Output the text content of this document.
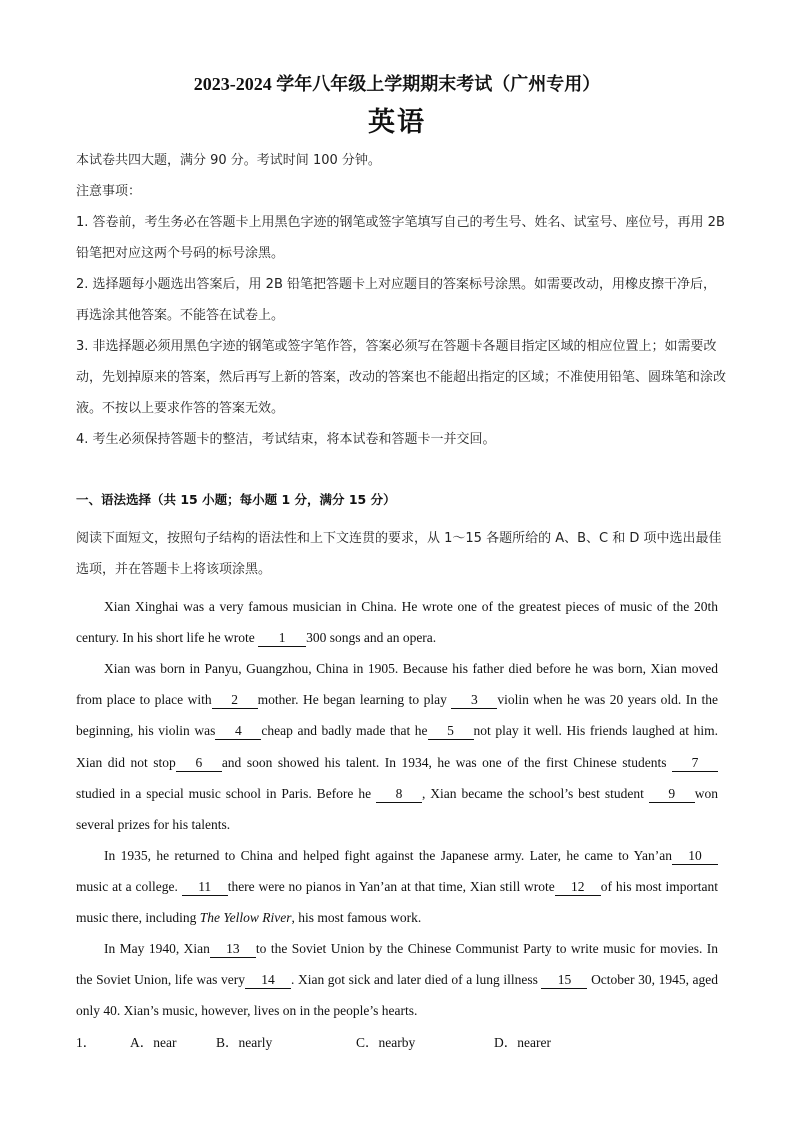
2023-2024 学年八年级上学期期末考试（广州专用）
英语
本试卷共四大题，满分 90 分。考试时间 100 分钟。
注意事项：
1. 答卷前，考生务必在答题卡上用黑色字迹的钢笔或签字笔填写自己的考生号、姓名、试室号、座位号，再用 2B 铅笔把对应这两个号码的标号涂黑。
2. 选择题每小题选出答案后，用 2B 铅笔把答题卡上对应题目的答案标号涂黑。如需要改动，用橡皮擦干净后，再选涂其他答案。不能答在试卷上。
3. 非选择题必须用黑色字迹的钢笔或签字笔作答，答案必须写在答题卡各题目指定区域的相应位置上；如需要改动，先划掉原来的答案，然后再写上新的答案，改动的答案也不能超出指定的区域；不准使用铅笔、圆珠笔和涂改液。不按以上要求作答的答案无效。
4. 考生必须保持答题卡的整洁，考试结束，将本试卷和答题卡一并交回。
一、语法选择（共 15 小题；每小题 1 分，满分 15 分）
阅读下面短文，按照句子结构的语法性和上下文连贯的要求，从 1～15 各题所给的 A、B、C 和 D 项中选出最佳选项，并在答题卡上将该项涂黑。
Xian Xinghai was a very famous musician in China. He wrote one of the greatest pieces of music of the 20th century. In his short life he wrote 1 300 songs and an opera.
Xian was born in Panyu, Guangzhou, China in 1905. Because his father died before he was born, Xian moved from place to place with 2 mother. He began learning to play 3 violin when he was 20 years old. In the beginning, his violin was 4 cheap and badly made that he 5 not play it well. His friends laughed at him. Xian did not stop 6 and soon showed his talent. In 1934, he was one of the first Chinese students 7studied in a special music school in Paris. Before he 8 , Xian became the school’s best student 9 won several prizes for his talents.
In 1935, he returned to China and helped fight against the Japanese army. Later, he came to Yan’an 10 music at a college. 11 there were no pianos in Yan’an at that time, Xian still wrote 12 of his most important music there, including The Yellow River, his most famous work.
In May 1940, Xian 13 to the Soviet Union by the Chinese Communist Party to write music for movies. In the Soviet Union, life was very 14 . Xian got sick and later died of a lung illness 15 October 30, 1945, aged only 40. Xian’s music, however, lives on in the people’s hearts.
1．	A．near	B．nearly	C．nearby	D．nearer
